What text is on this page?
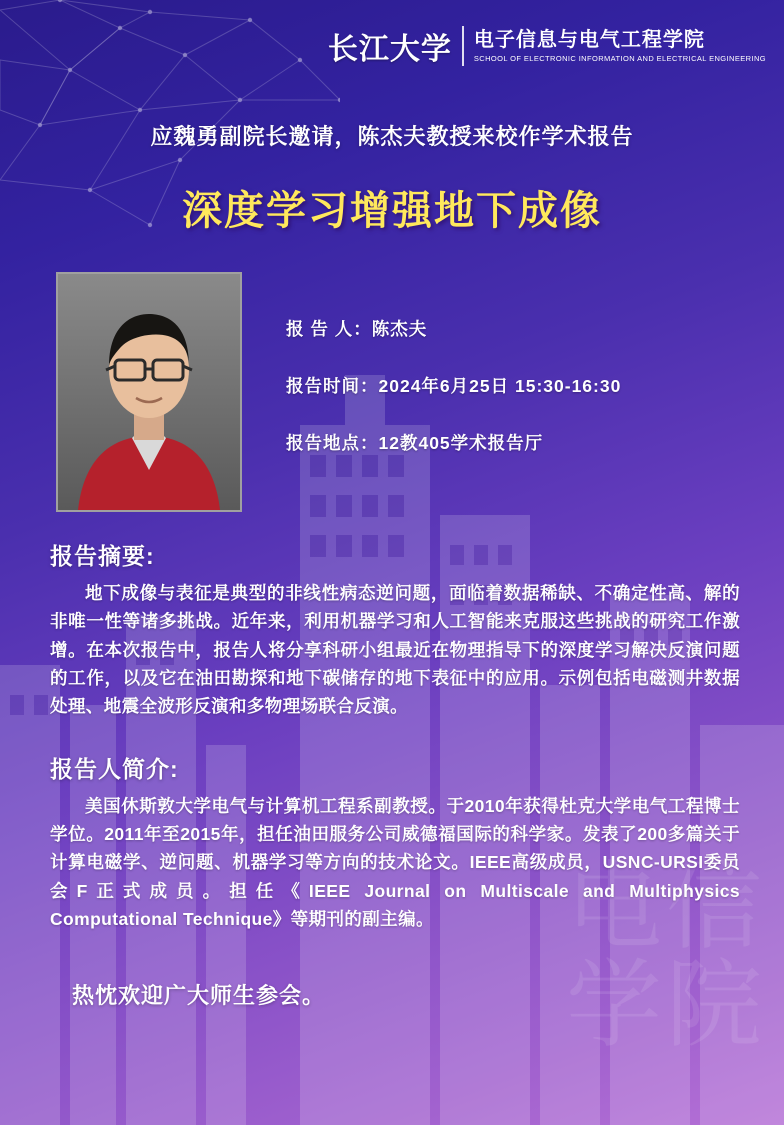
电信
学院
长江大学 电子信息与电气工程学院
SCHOOL OF ELECTRONIC INFORMATION AND ELECTRICAL ENGINEERING
应魏勇副院长邀请，陈杰夫教授来校作学术报告
深度学习增强地下成像
报 告 人：陈杰夫
报告时间：2024年6月25日 15:30-16:30
报告地点：12教405学术报告厅
报告摘要:
地下成像与表征是典型的非线性病态逆问题，面临着数据稀缺、不确定性高、解的非唯一性等诸多挑战。近年来，利用机器学习和人工智能来克服这些挑战的研究工作激增。在本次报告中，报告人将分享科研小组最近在物理指导下的深度学习解决反演问题的工作，以及它在油田勘探和地下碳储存的地下表征中的应用。示例包括电磁测井数据处理、地震全波形反演和多物理场联合反演。
报告人简介:
美国休斯敦大学电气与计算机工程系副教授。于2010年获得杜克大学电气工程博士学位。2011年至2015年，担任油田服务公司威德福国际的科学家。发表了200多篇关于计算电磁学、逆问题、机器学习等方向的技术论文。IEEE高级成员，USNC-URSI委员会F正式成员。担任《IEEE Journal on Multiscale and Multiphysics Computational Technique》等期刊的副主编。
热忱欢迎广大师生参会。
